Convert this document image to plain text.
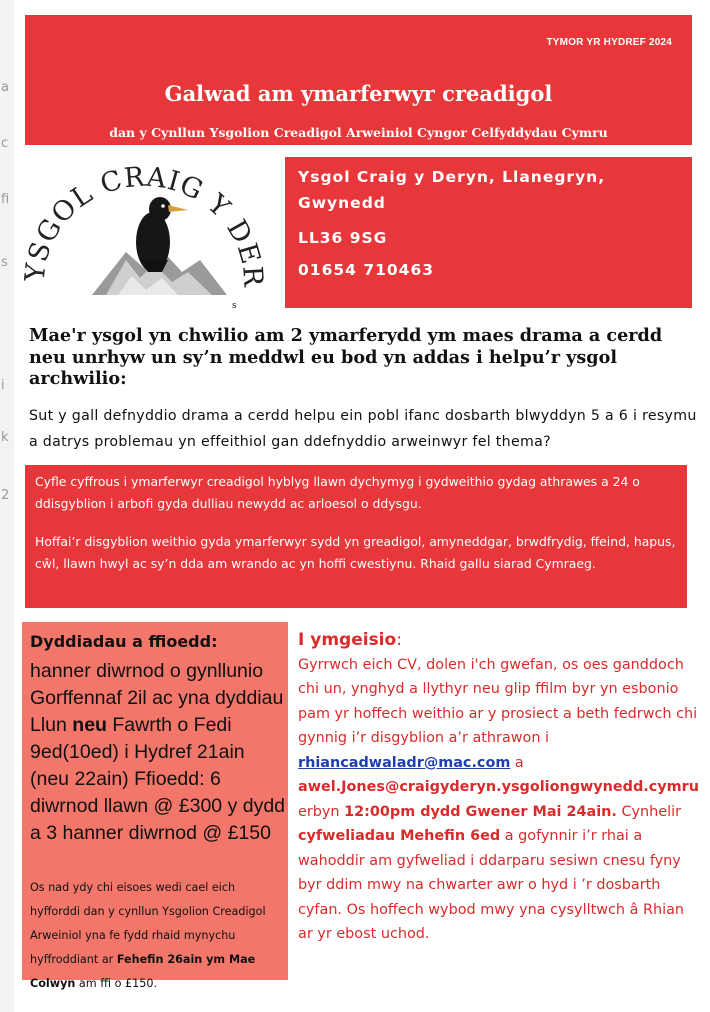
a
c
fi
s
i
k
2
TYMOR YR HYDREF 2024
Galwad am ymarferwyr creadigol
dan y Cynllun Ysgolion Creadigol Arweiniol Cyngor Celfyddydau Cymru
YSGOL CRAIG Y DER
s
Ysgol Craig y Deryn, Llanegryn,
Gwynedd
LL36 9SG
01654 710463
Mae'r ysgol yn chwilio am 2 ymarferydd ym maes drama a cerdd neu unrhyw un sy’n meddwl eu bod yn addas i helpu’r ysgol archwilio:
Sut y gall defnyddio drama a cerdd helpu ein pobl ifanc dosbarth blwyddyn 5 a 6 i resymu a datrys problemau yn effeithiol gan ddefnyddio arweinwyr fel thema?
Cyfle cyffrous i ymarferwyr creadigol hyblyg llawn dychymyg i gydweithio gydag athrawes a 24 o ddisgyblion i arbofi gyda dulliau newydd ac arloesol o ddysgu.
Hoffai’r disgyblion weithio gyda ymarferwyr sydd yn greadigol, amyneddgar, brwdfrydig, ffeind, hapus, cŵl, llawn hwyl ac sy’n dda am wrando ac yn hoffi cwestiynu. Rhaid gallu siarad Cymraeg.
Dyddiadau a ffioedd:
hanner diwrnod o gynllunio Gorffennaf 2il ac yna dyddiau Llun neu Fawrth o Fedi 9ed(10ed) i Hydref 21ain (neu 22ain) Ffioedd: 6 diwrnod llawn @ £300 y dydd a 3 hanner diwrnod @ £150
Os nad ydy chi eisoes wedi cael eich hyfforddi dan y cynllun Ysgolion Creadigol Arweiniol yna fe fydd rhaid mynychu hyffroddiant ar Fehefin 26ain ym Mae Colwyn am ffi o £150.
I ymgeisio:
Gyrrwch eich CV, dolen i'ch gwefan, os oes ganddoch chi un, ynghyd a llythyr neu glip ffilm byr yn esbonio pam yr hoffech weithio ar y prosiect a beth fedrwch chi gynnig i’r disgyblion a’r athrawon i rhiancadwaladr@mac.com a awel.Jones@craigyderyn.ysgoliongwynedd.cymru erbyn 12:00pm dydd Gwener Mai 24ain. Cynhelir cyfweliadau Mehefin 6ed a gofynnir i’r rhai a wahoddir am gyfweliad i ddarparu sesiwn cnesu fyny byr ddim mwy na chwarter awr o hyd i ’r dosbarth cyfan. Os hoffech wybod mwy yna cysylltwch â Rhian ar yr ebost uchod.
